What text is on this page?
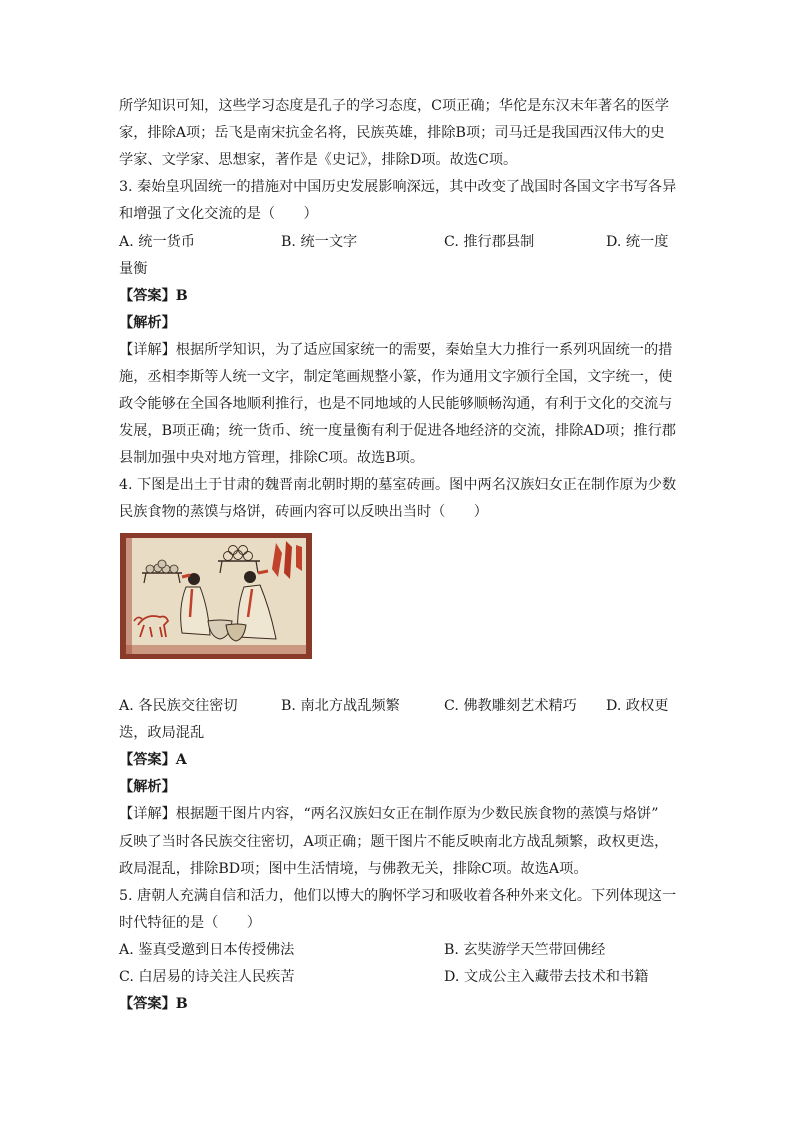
所学知识可知，这些学习态度是孔子的学习态度，C项正确；华佗是东汉末年著名的医学
家，排除A项；岳飞是南宋抗金名将，民族英雄，排除B项；司马迁是我国西汉伟大的史
学家、文学家、思想家，著作是《史记》，排除D项。故选C项。
3. 秦始皇巩固统一的措施对中国历史发展影响深远，其中改变了战国时各国文字书写各异
和增强了文化交流的是（　　）
A. 统一货币	B. 统一文字	C. 推行郡县制	D. 统一度
量衡
【答案】B
【解析】
【详解】根据所学知识，为了适应国家统一的需要，秦始皇大力推行一系列巩固统一的措
施，丞相李斯等人统一文字，制定笔画规整小篆，作为通用文字颁行全国，文字统一，使
政令能够在全国各地顺利推行，也是不同地域的人民能够顺畅沟通，有利于文化的交流与
发展，B项正确；统一货币、统一度量衡有利于促进各地经济的交流，排除AD项；推行郡
县制加强中央对地方管理，排除C项。故选B项。
4. 下图是出土于甘肃的魏晋南北朝时期的墓室砖画。图中两名汉族妇女正在制作原为少数
民族食物的蒸馍与烙饼，砖画内容可以反映出当时（　　）
A. 各民族交往密切	B. 南北方战乱频繁	C. 佛教雕刻艺术精巧 D. 政权更
迭，政局混乱
【答案】A
【解析】
【详解】根据题干图片内容，“两名汉族妇女正在制作原为少数民族食物的蒸馍与烙饼”
反映了当时各民族交往密切，A项正确；题干图片不能反映南北方战乱频繁，政权更迭，
政局混乱，排除BD项；图中生活情境，与佛教无关，排除C项。故选A项。
5. 唐朝人充满自信和活力，他们以博大的胸怀学习和吸收着各种外来文化。下列体现这一
时代特征的是（　　）
A. 鉴真受邀到日本传授佛法	B. 玄奘游学天竺带回佛经
C. 白居易的诗关注人民疾苦	D. 文成公主入藏带去技术和书籍
【答案】B
